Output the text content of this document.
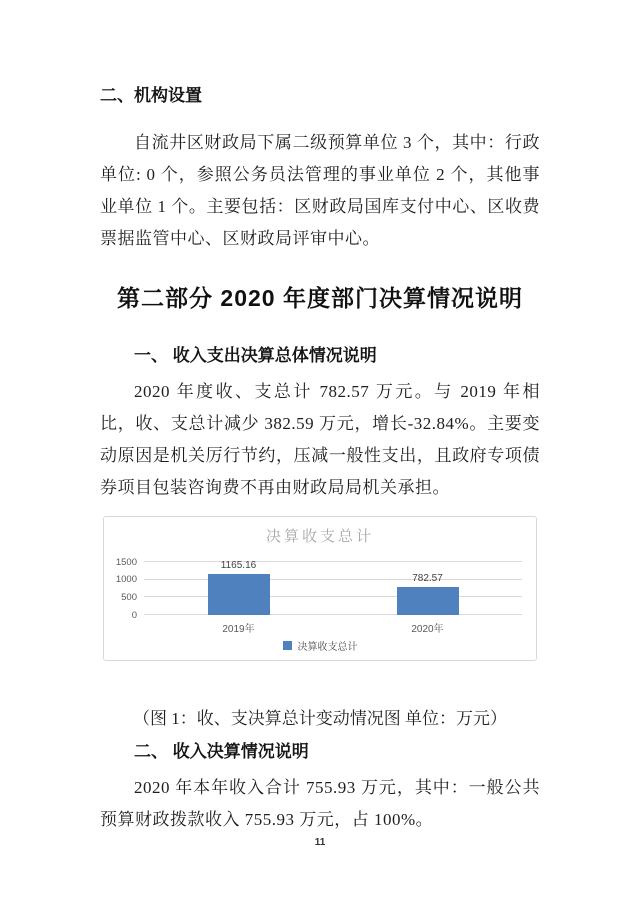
二、机构设置

自流井区财政局下属二级预算单位 3 个，其中：行政单位: 0 个，参照公务员法管理的事业单位 2 个，其他事业单位 1 个。主要包括：区财政局国库支付中心、区收费票据监管中心、区财政局评审中心。

第二部分 2020 年度部门决算情况说明
一、 收入支出决算总体情况说明

2020 年度收、支总计 782.57 万元。与 2019 年相比，收、支总计减少 382.59 万元，增长-32.84%。主要变动原因是机关厉行节约，压减一般性支出，且政府专项债券项目包装咨询费不再由财政局局机关承担。

决算收支总计
0
500
1000
1500	1165.16
2019年
782.57
2020年
决算收支总计

（图 1：收、支决算总计变动情况图 单位：万元）

二、 收入决算情况说明

2020 年本年收入合计 755.93 万元，其中：一般公共预算财政拨款收入 755.93 万元，占 100%。

11
